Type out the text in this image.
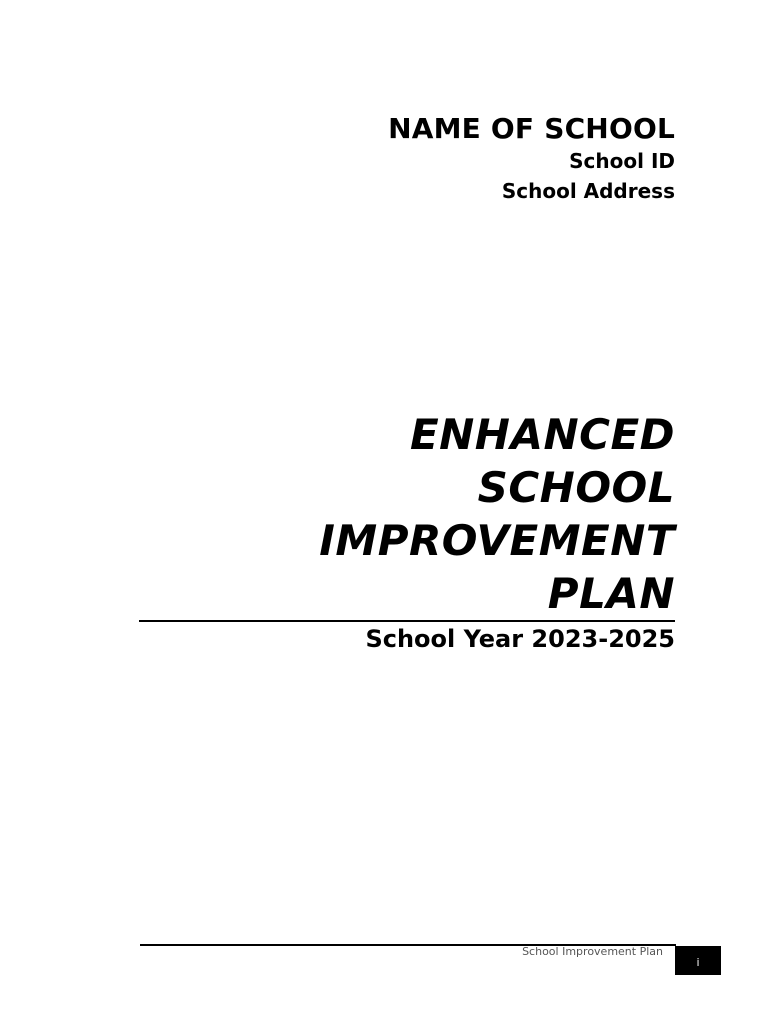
NAME OF SCHOOL
School ID
School Address
ENHANCED
SCHOOL
IMPROVEMENT
PLAN
School Year 2023-2025
School Improvement Plan
i
